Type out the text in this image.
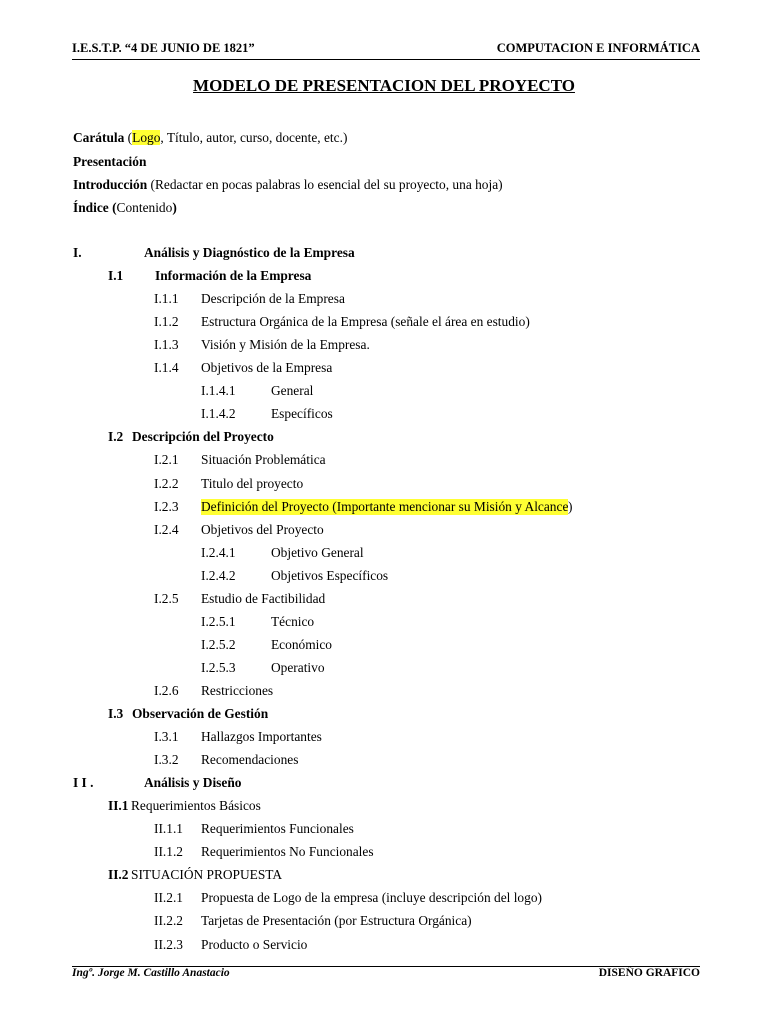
I.E.S.T.P. “4 DE JUNIO DE 1821”	COMPUTACION E INFORMÁTICA
MODELO DE PRESENTACION DEL PROYECTO
Carátula (Logo, Título, autor, curso, docente, etc.)
Presentación
Introducción (Redactar en pocas palabras lo esencial del su proyecto, una hoja)
Índice (Contenido)
I.	Análisis y Diagnóstico de la Empresa
I.1 Información de la Empresa
I.1.1 Descripción de la Empresa
I.1.2 Estructura Orgánica de la Empresa (señale el área en estudio)
I.1.3 Visión y Misión de la Empresa.
I.1.4 Objetivos de la Empresa
I.1.4.1	General
I.1.4.2	Específicos
I.2 Descripción del Proyecto
I.2.1 Situación Problemática
I.2.2 Titulo del proyecto
I.2.3 Definición del Proyecto (Importante mencionar su Misión y Alcance )
I.2.4 Objetivos del Proyecto
I.2.4.1	Objetivo General
I.2.4.2	Objetivos Específicos
I.2.5 Estudio de Factibilidad
I.2.5.1	Técnico
I.2.5.2	Económico
I.2.5.3	Operativo
I.2.6 Restricciones
I.3 Observación de Gestión
I.3.1 Hallazgos Importantes
I.3.2 Recomendaciones
I I .	Análisis y Diseño
II.1 Requerimientos Básicos
II.1.1 Requerimientos Funcionales
II.1.2 Requerimientos No Funcionales
II.2 SITUACIÓN PROPUESTA
II.2.1 Propuesta de Logo de la empresa (incluye descripción del logo)
II.2.2 Tarjetas de Presentación (por Estructura Orgánica)
II.2.3 Producto o Servicio
Ingº. Jorge M. Castillo Anastacio	DISEÑO GRAFICO
